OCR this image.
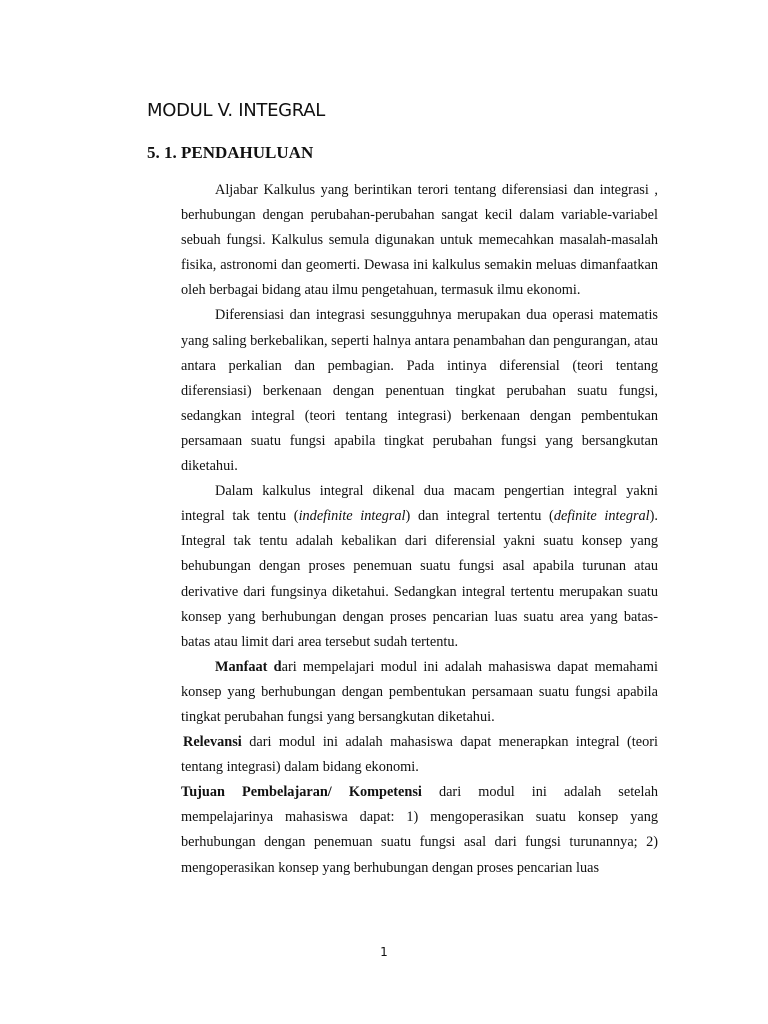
MODUL V. INTEGRAL
5. 1. PENDAHULUAN

Aljabar Kalkulus yang berintikan terori tentang diferensiasi dan integrasi , berhubungan dengan perubahan-perubahan sangat kecil dalam variable-variabel sebuah fungsi. Kalkulus semula digunakan untuk memecahkan masalah-masalah fisika, astronomi dan geomerti. Dewasa ini kalkulus semakin meluas dimanfaatkan oleh berbagai bidang atau ilmu pengetahuan, termasuk ilmu ekonomi.

Diferensiasi dan integrasi sesungguhnya merupakan dua operasi matematis yang saling berkebalikan, seperti halnya antara penambahan dan pengurangan, atau antara perkalian dan pembagian. Pada intinya diferensial (teori tentang diferensiasi) berkenaan dengan penentuan tingkat perubahan suatu fungsi, sedangkan integral (teori tentang integrasi) berkenaan dengan pembentukan persamaan suatu fungsi apabila tingkat perubahan fungsi yang bersangkutan diketahui.

Dalam kalkulus integral dikenal dua macam pengertian integral yakni integral tak tentu (indefinite integral) dan integral tertentu (definite integral). Integral tak tentu adalah kebalikan dari diferensial yakni suatu konsep yang behubungan dengan proses penemuan suatu fungsi asal apabila turunan atau derivative dari fungsinya diketahui. Sedangkan integral tertentu merupakan suatu konsep yang berhubungan dengan proses pencarian luas suatu area yang batas-batas atau limit dari area tersebut sudah tertentu.

Manfaat dari mempelajari modul ini adalah mahasiswa dapat memahami konsep yang berhubungan dengan pembentukan persamaan suatu fungsi apabila tingkat perubahan fungsi yang bersangkutan diketahui.

Relevansi dari modul ini adalah mahasiswa dapat menerapkan integral (teori tentang integrasi) dalam bidang ekonomi.

Tujuan Pembelajaran/ Kompetensi dari modul ini adalah setelah mempelajarinya mahasiswa dapat: 1) mengoperasikan suatu konsep yang berhubungan dengan penemuan suatu fungsi asal dari fungsi turunannya; 2) mengoperasikan konsep yang berhubungan dengan proses pencarian luas

1
